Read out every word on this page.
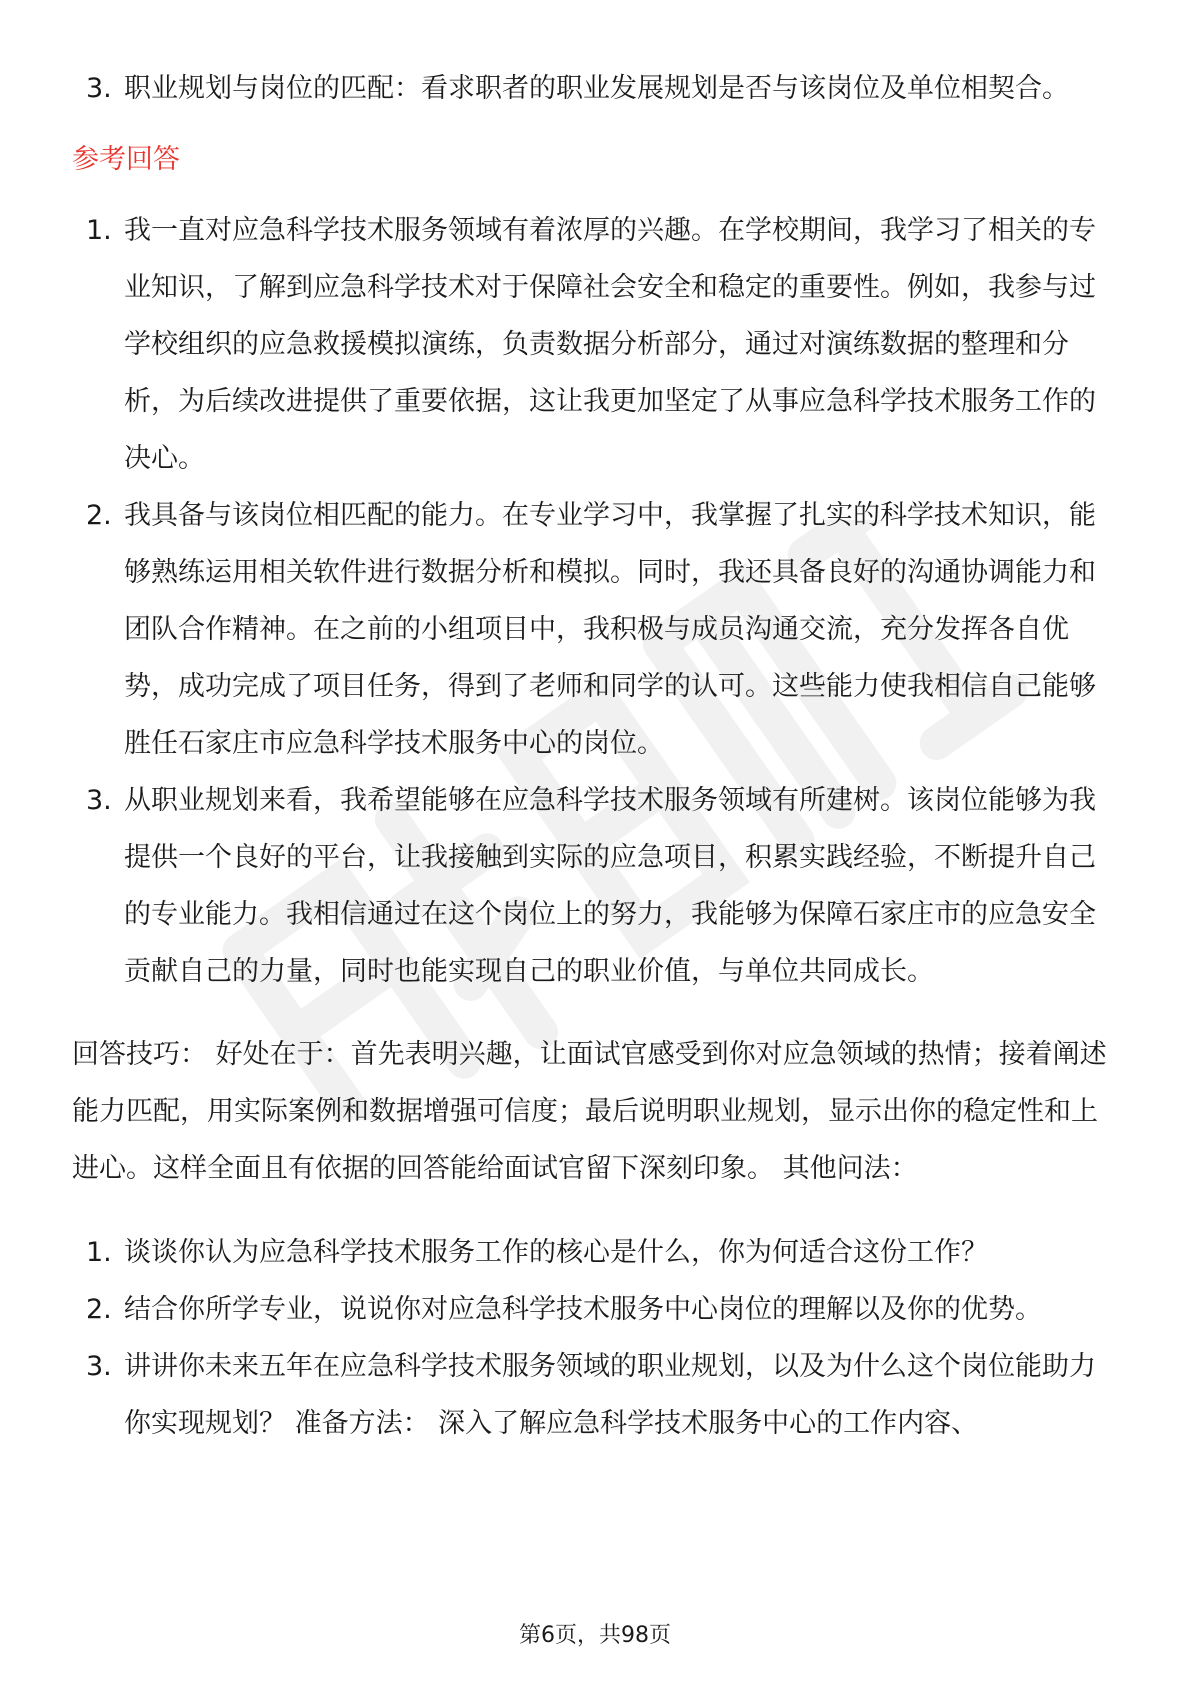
3. 职业规划与岗位的匹配：看求职者的职业发展规划是否与该岗位及单位相契合。
参考回答
1. 我一直对应急科学技术服务领域有着浓厚的兴趣。在学校期间，我学习了相关的专业知识，了解到应急科学技术对于保障社会安全和稳定的重要性。例如，我参与过学校组织的应急救援模拟演练，负责数据分析部分，通过对演练数据的整理和分析，为后续改进提供了重要依据，这让我更加坚定了从事应急科学技术服务工作的决心。
2. 我具备与该岗位相匹配的能力。在专业学习中，我掌握了扎实的科学技术知识，能够熟练运用相关软件进行数据分析和模拟。同时，我还具备良好的沟通协调能力和团队合作精神。在之前的小组项目中，我积极与成员沟通交流，充分发挥各自优势，成功完成了项目任务，得到了老师和同学的认可。这些能力使我相信自己能够胜任石家庄市应急科学技术服务中心的岗位。
3. 从职业规划来看，我希望能够在应急科学技术服务领域有所建树。该岗位能够为我提供一个良好的平台，让我接触到实际的应急项目，积累实践经验，不断提升自己的专业能力。我相信通过在这个岗位上的努力，我能够为保障石家庄市的应急安全贡献自己的力量，同时也能实现自己的职业价值，与单位共同成长。

回答技巧： 好处在于：首先表明兴趣，让面试官感受到你对应急领域的热情；接着阐述能力匹配，用实际案例和数据增强可信度；最后说明职业规划，显示出你的稳定性和上进心。这样全面且有依据的回答能给面试官留下深刻印象。 其他问法：

1. 谈谈你认为应急科学技术服务工作的核心是什么，你为何适合这份工作？
2. 结合你所学专业，说说你对应急科学技术服务中心岗位的理解以及你的优势。
3. 讲讲你未来五年在应急科学技术服务领域的职业规划，以及为什么这个岗位能助力你实现规划？ 准备方法： 深入了解应急科学技术服务中心的工作内容、
第6页，共98页
